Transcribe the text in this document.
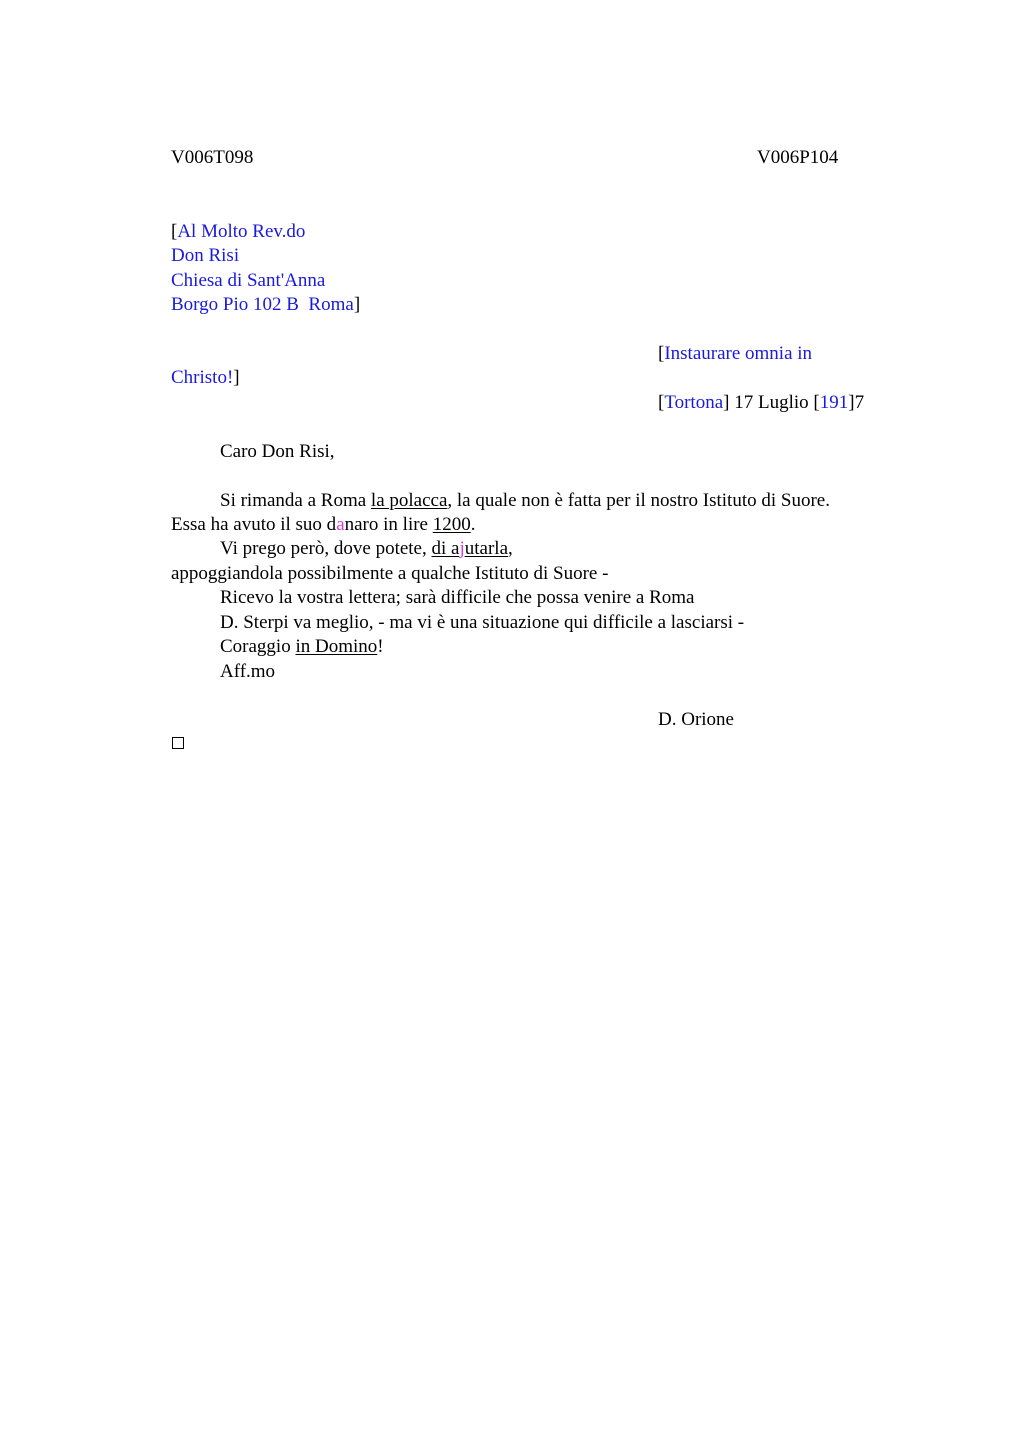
V006T098	V006P104
[Al Molto Rev.do
Don Risi
Chiesa di Sant'Anna
Borgo Pio 102 B  Roma]
[Instaurare omnia in
Christo!]
[Tortona] 17 Luglio [191]7
Caro Don Risi,
Si rimanda a Roma la polacca, la quale non è fatta per il nostro Istituto di Suore.
Essa ha avuto il suo danaro in lire 1200.
Vi prego però, dove potete, di ajutarla,
appoggiandola possibilmente a qualche Istituto di Suore -
Ricevo la vostra lettera; sarà difficile che possa venire a Roma
D. Sterpi va meglio, - ma vi è una situazione qui difficile a lasciarsi -
Coraggio in Domino!
Aff.mo
D. Orione
